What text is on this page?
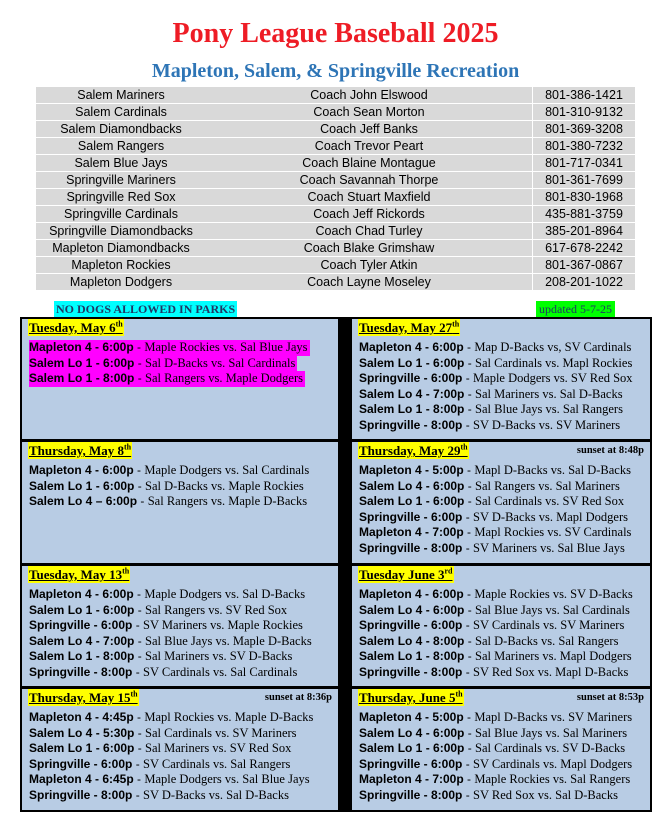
Pony League Baseball 2025
Mapleton, Salem, & Springville Recreation
Salem Mariners	Coach John Elswood	801-386-1421
Salem Cardinals	Coach Sean Morton	801-310-9132
Salem Diamondbacks	Coach Jeff Banks	801-369-3208
Salem Rangers	Coach Trevor Peart	801-380-7232
Salem Blue Jays	Coach Blaine Montague	801-717-0341
Springville Mariners	Coach Savannah Thorpe	801-361-7699
Springville Red Sox	Coach Stuart Maxfield	801-830-1968
Springville Cardinals	Coach Jeff Rickords	435-881-3759
Springville Diamondbacks	Coach Chad Turley	385-201-8964
Mapleton Diamondbacks	Coach Blake Grimshaw	617-678-2242
Mapleton Rockies	Coach Tyler Atkin	801-367-0867
Mapleton Dodgers	Coach Layne Moseley	208-201-1022
NO DOGS ALLOWED IN PARKS	updated 5-7-25
Tuesday, May 6th
Mapleton 4 - 6:00p - Maple Rockies vs. Sal Blue Jays
Salem Lo 1 - 6:00p - Sal D-Backs vs. Sal Cardinals
Salem Lo 1 - 8:00p - Sal Rangers vs. Maple Dodgers
Tuesday, May 27th
Mapleton 4 - 6:00p - Map D-Backs vs, SV Cardinals
Salem Lo 1 - 6:00p - Sal Cardinals vs. Mapl Rockies
Springville - 6:00p - Maple Dodgers vs. SV Red Sox
Salem Lo 4 - 7:00p - Sal Mariners vs. Sal D-Backs
Salem Lo 1 - 8:00p - Sal Blue Jays vs. Sal Rangers
Springville - 8:00p - SV D-Backs vs. SV Mariners
Thursday, May 8th
Mapleton 4 - 6:00p - Maple Dodgers vs. Sal Cardinals
Salem Lo 1 - 6:00p - Sal D-Backs vs. Maple Rockies
Salem Lo 4 – 6:00p - Sal Rangers vs. Maple D-Backs
Thursday, May 29th	sunset at 8:48p
Mapleton 4 - 5:00p - Mapl D-Backs vs. Sal D-Backs
Salem Lo 4 - 6:00p - Sal Rangers vs. Sal Mariners
Salem Lo 1 - 6:00p - Sal Cardinals vs. SV Red Sox
Springville - 6:00p - SV D-Backs vs. Mapl Dodgers
Mapleton 4 - 7:00p - Mapl Rockies vs. SV Cardinals
Springville - 8:00p - SV Mariners vs. Sal Blue Jays
Tuesday, May 13th
Mapleton 4 - 6:00p - Maple Dodgers vs. Sal D-Backs
Salem Lo 1 - 6:00p - Sal Rangers vs. SV Red Sox
Springville - 6:00p - SV Mariners vs. Maple Rockies
Salem Lo 4 - 7:00p - Sal Blue Jays vs. Maple D-Backs
Salem Lo 1 - 8:00p - Sal Mariners vs. SV D-Backs
Springville - 8:00p - SV Cardinals vs. Sal Cardinals
Tuesday June 3rd
Mapleton 4 - 6:00p - Maple Rockies vs. SV D-Backs
Salem Lo 4 - 6:00p - Sal Blue Jays vs. Sal Cardinals
Springville - 6:00p - SV Cardinals vs. SV Mariners
Salem Lo 4 - 8:00p - Sal D-Backs vs. Sal Rangers
Salem Lo 1 - 8:00p - Sal Mariners vs. Mapl Dodgers
Springville - 8:00p - SV Red Sox vs. Mapl D-Backs
Thursday, May 15th	sunset at 8:36p
Mapleton 4 - 4:45p - Mapl Rockies vs. Maple D-Backs
Salem Lo 4 - 5:30p - Sal Cardinals vs. SV Mariners
Salem Lo 1 - 6:00p - Sal Mariners vs. SV Red Sox
Springville - 6:00p - SV Cardinals vs. Sal Rangers
Mapleton 4 - 6:45p - Maple Dodgers vs. Sal Blue Jays
Springville - 8:00p - SV D-Backs vs. Sal D-Backs
Thursday, June 5th	sunset at 8:53p
Mapleton 4 - 5:00p - Mapl D-Backs vs. SV Mariners
Salem Lo 4 - 6:00p - Sal Blue Jays vs. Sal Mariners
Salem Lo 1 - 6:00p - Sal Cardinals vs. SV D-Backs
Springville - 6:00p - SV Cardinals vs. Mapl Dodgers
Mapleton 4 - 7:00p - Maple Rockies vs. Sal Rangers
Springville - 8:00p - SV Red Sox vs. Sal D-Backs
